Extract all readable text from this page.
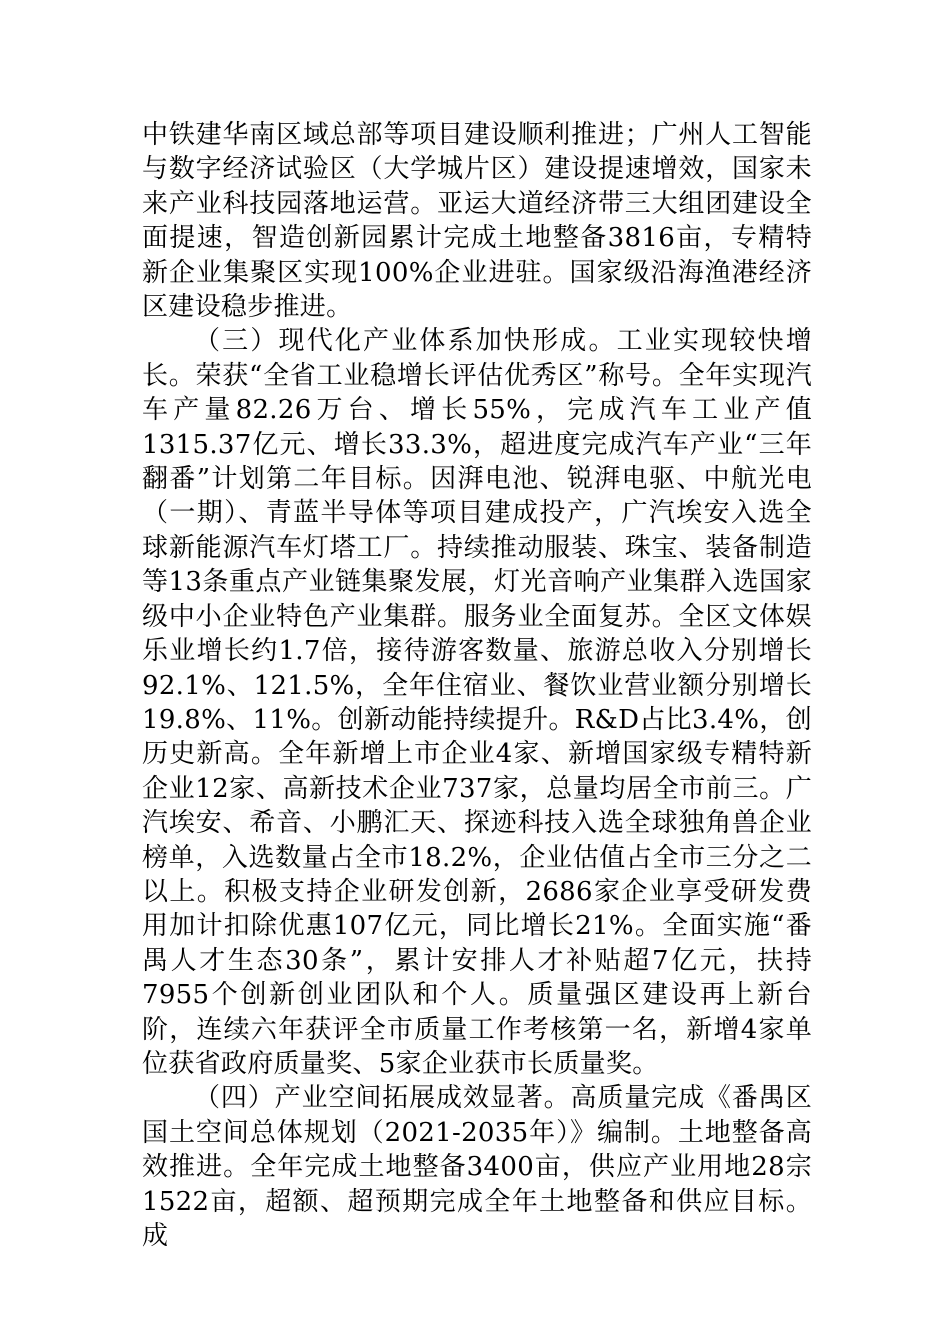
中铁建华南区域总部等项目建设顺利推进；广州人工智能与数字经济试验区（大学城片区）建设提速增效，国家未来产业科技园落地运营。亚运大道经济带三大组团建设全面提速，智造创新园累计完成土地整备3816亩，专精特新企业集聚区实现100%企业进驻。国家级沿海渔港经济区建设稳步推进。

（三）现代化产业体系加快形成。工业实现较快增长。荣获“全省工业稳增长评估优秀区”称号。全年实现汽车产量82.26万台、增长55%，完成汽车工业产值1315.37亿元、增长33.3%，超进度完成汽车产业“三年翻番”计划第二年目标。因湃电池、锐湃电驱、中航光电（一期）、青蓝半导体等项目建成投产，广汽埃安入选全球新能源汽车灯塔工厂。持续推动服装、珠宝、装备制造等13条重点产业链集聚发展，灯光音响产业集群入选国家级中小企业特色产业集群。服务业全面复苏。全区文体娱乐业增长约1.7倍，接待游客数量、旅游总收入分别增长92.1%、121.5%，全年住宿业、餐饮业营业额分别增长19.8%、11%。创新动能持续提升。R&D占比3.4%，创历史新高。全年新增上市企业4家、新增国家级专精特新企业12家、高新技术企业737家，总量均居全市前三。广汽埃安、希音、小鹏汇天、探迹科技入选全球独角兽企业榜单，入选数量占全市18.2%，企业估值占全市三分之二以上。积极支持企业研发创新，2686家企业享受研发费用加计扣除优惠107亿元，同比增长21%。全面实施“番禺人才生态30条”，累计安排人才补贴超7亿元，扶持7955个创新创业团队和个人。质量强区建设再上新台阶，连续六年获评全市质量工作考核第一名，新增4家单位获省政府质量奖、5家企业获市长质量奖。

（四）产业空间拓展成效显著。高质量完成《番禺区国土空间总体规划（2021-2035年）》编制。土地整备高效推进。全年完成土地整备3400亩，供应产业用地28宗1522亩，超额、超预期完成全年土地整备和供应目标。成
